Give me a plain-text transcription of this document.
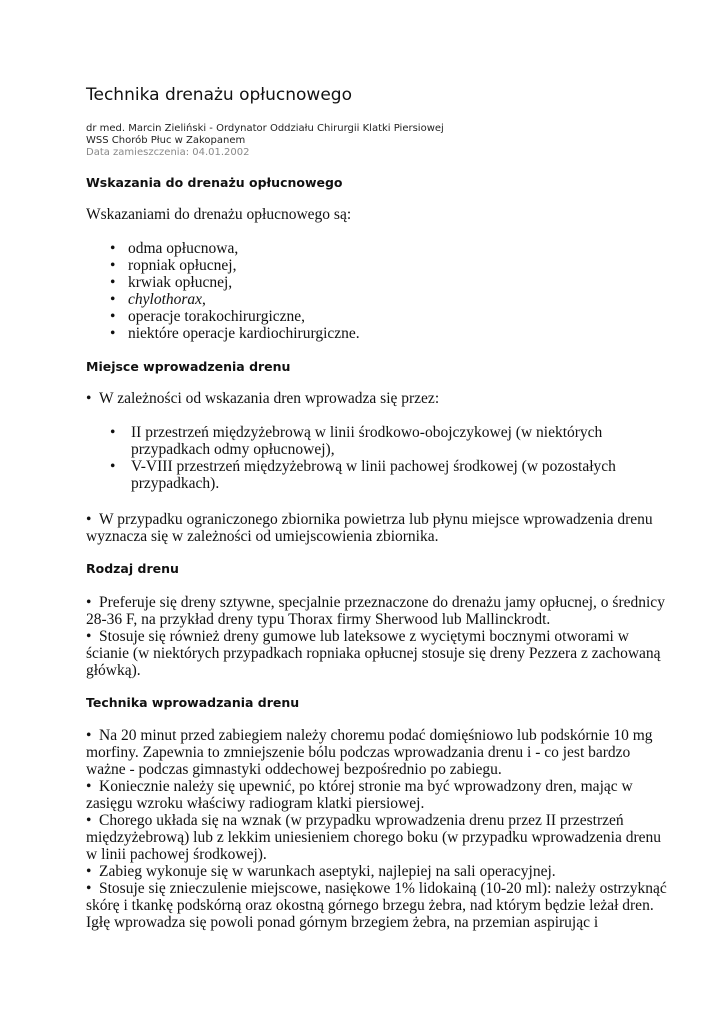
Technika drenażu opłucnowego
dr med. Marcin Zieliński - Ordynator Oddziału Chirurgii Klatki Piersiowej
WSS Chorób Płuc w Zakopanem
Data zamieszczenia: 04.01.2002
Wskazania do drenażu opłucnowego
Wskazaniami do drenażu opłucnowego są:
• odma opłucnowa,
• ropniak opłucnej,
• krwiak opłucnej,
• chylothorax,
• operacje torakochirurgiczne,
• niektóre operacje kardiochirurgiczne.
Miejsce wprowadzenia drenu
• W zależności od wskazania dren wprowadza się przez:
• II przestrzeń międzyżebrową w linii środkowo-obojczykowej (w niektórych
przypadkach odmy opłucnowej),
• V-VIII przestrzeń międzyżebrową w linii pachowej środkowej (w pozostałych
przypadkach).
• W przypadku ograniczonego zbiornika powietrza lub płynu miejsce wprowadzenia drenu
wyznacza się w zależności od umiejscowienia zbiornika.
Rodzaj drenu
• Preferuje się dreny sztywne, specjalnie przeznaczone do drenażu jamy opłucnej, o średnicy
28-36 F, na przykład dreny typu Thorax firmy Sherwood lub Mallinckrodt.
• Stosuje się również dreny gumowe lub lateksowe z wyciętymi bocznymi otworami w
ścianie (w niektórych przypadkach ropniaka opłucnej stosuje się dreny Pezzera z zachowaną
główką).
Technika wprowadzania drenu
• Na 20 minut przed zabiegiem należy choremu podać domięśniowo lub podskórnie 10 mg
morfiny. Zapewnia to zmniejszenie bólu podczas wprowadzania drenu i - co jest bardzo
ważne - podczas gimnastyki oddechowej bezpośrednio po zabiegu.
• Koniecznie należy się upewnić, po której stronie ma być wprowadzony dren, mając w
zasięgu wzroku właściwy radiogram klatki piersiowej.
• Chorego układa się na wznak (w przypadku wprowadzenia drenu przez II przestrzeń
międzyżebrową) lub z lekkim uniesieniem chorego boku (w przypadku wprowadzenia drenu
w linii pachowej środkowej).
• Zabieg wykonuje się w warunkach aseptyki, najlepiej na sali operacyjnej.
• Stosuje się znieczulenie miejscowe, nasiękowe 1% lidokainą (10-20 ml): należy ostrzyknąć
skórę i tkankę podskórną oraz okostną górnego brzegu żebra, nad którym będzie leżał dren.
Igłę wprowadza się powoli ponad górnym brzegiem żebra, na przemian aspirując i
